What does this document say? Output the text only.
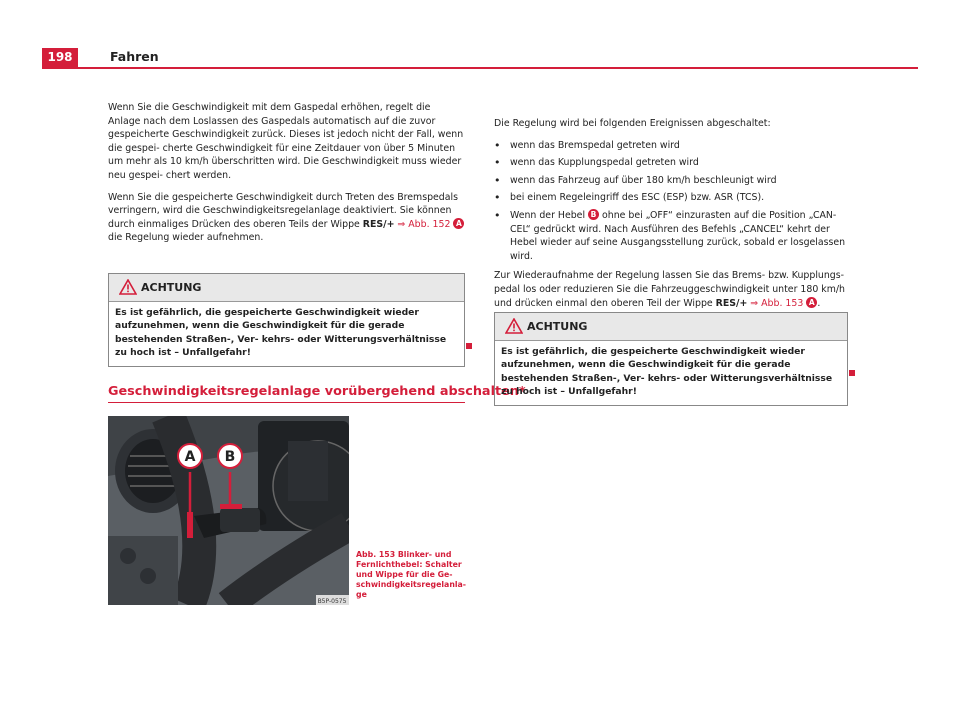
198	Fahren

Wenn Sie die Geschwindigkeit mit dem Gaspedal erhöhen, regelt die Anlage nach dem Loslassen des Gaspedals automatisch auf die zuvor gespeicherte Geschwindigkeit zurück. Dieses ist jedoch nicht der Fall, wenn die gespei- cherte Geschwindigkeit für eine Zeitdauer von über 5 Minuten um mehr als 10 km/h überschritten wird. Die Geschwindigkeit muss wieder neu gespei- chert werden.

Wenn Sie die gespeicherte Geschwindigkeit durch Treten des Bremspedals verringern, wird die Geschwindigkeitsregelanlage deaktiviert. Sie können durch einmaliges Drücken des oberen Teils der Wippe RES/+ ⇒ Abb. 152 A die Regelung wieder aufnehmen.

ACHTUNG
Es ist gefährlich, die gespeicherte Geschwindigkeit wieder aufzunehmen, wenn die Geschwindigkeit für die gerade bestehenden Straßen-, Ver- kehrs- oder Witterungsverhältnisse zu hoch ist – Unfallgefahr!
Geschwindigkeitsregelanlage vorübergehend abschalten*
A B
B5P-0575
Abb. 153 Blinker- und Fernlichthebel: Schalter und Wippe für die Ge- schwindigkeitsregelanla- ge

Die Regelung wird bei folgenden Ereignissen abgeschaltet:

• wenn das Bremspedal getreten wird
• wenn das Kupplungspedal getreten wird
• wenn das Fahrzeug auf über 180 km/h beschleunigt wird
• bei einem Regeleingriff des ESC (ESP) bzw. ASR (TCS).
• Wenn der Hebel B ohne bei „OFF“ einzurasten auf die Position „CAN- CEL“ gedrückt wird. Nach Ausführen des Befehls „CANCEL“ kehrt der Hebel wieder auf seine Ausgangsstellung zurück, sobald er losgelassen wird.

Zur Wiederaufnahme der Regelung lassen Sie das Brems- bzw. Kupplungs- pedal los oder reduzieren Sie die Fahrzeuggeschwindigkeit unter 180 km/h und drücken einmal den oberen Teil der Wippe RES/+ ⇒ Abb. 153 A .

ACHTUNG
Es ist gefährlich, die gespeicherte Geschwindigkeit wieder aufzunehmen, wenn die Geschwindigkeit für die gerade bestehenden Straßen-, Ver- kehrs- oder Witterungsverhältnisse zu hoch ist – Unfallgefahr!
